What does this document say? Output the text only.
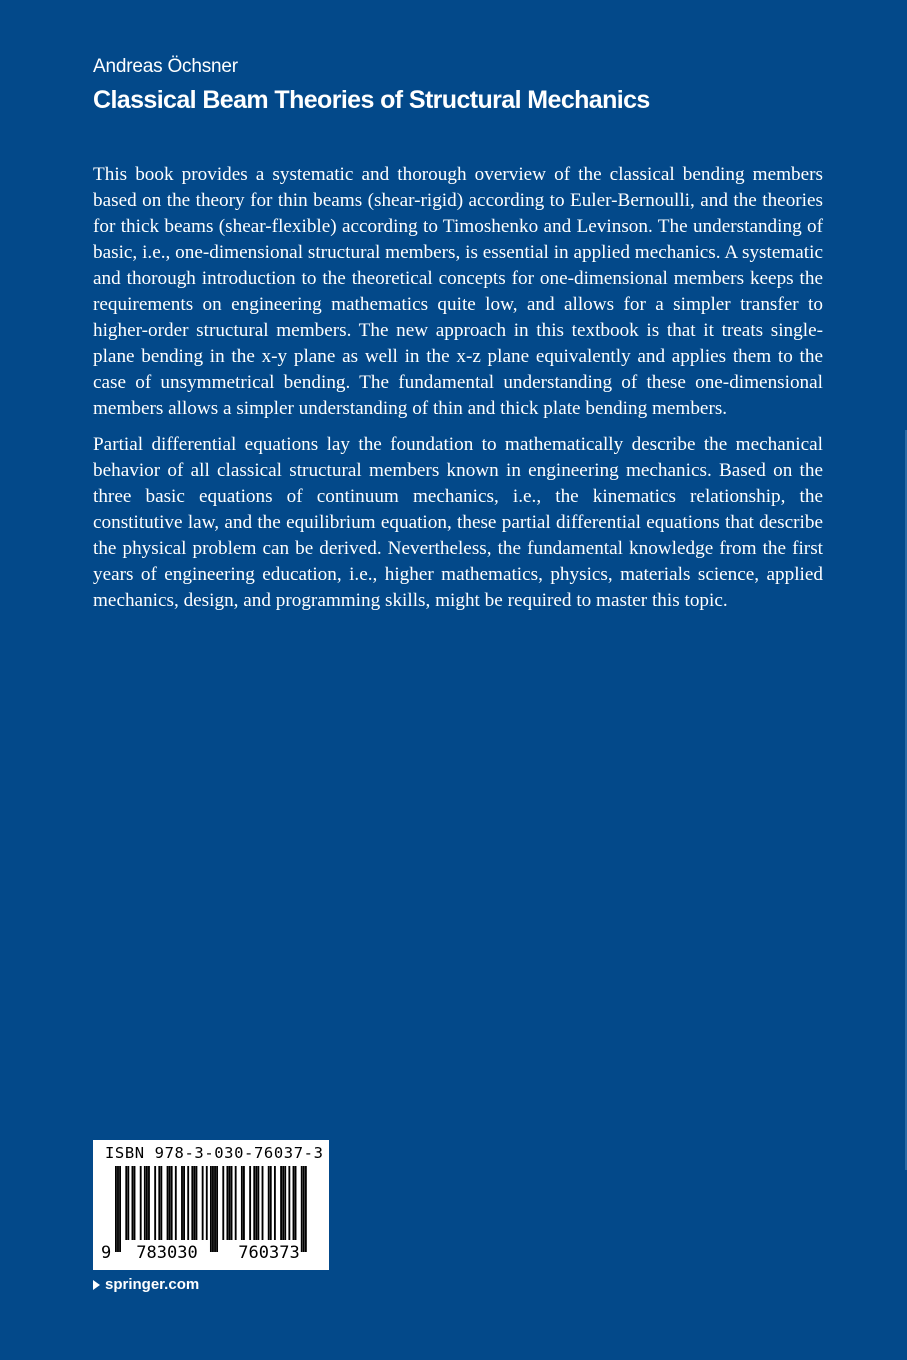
Andreas Öchsner
Classical Beam Theories of Structural Mechanics

This book provides a systematic and thorough overview of the classical bending members based on the theory for thin beams (shear-rigid) according to Euler-Bernoulli, and the theories for thick beams (shear-flexible) according to Timoshenko and Levinson. The understanding of basic, i.e., one-dimensional structural members, is essential in applied mechanics. A systematic and thorough introduction to the theoretical concepts for one-dimensional members keeps the requirements on engineering mathematics quite low, and allows for a simpler transfer to higher-order structural members. The new approach in this textbook is that it treats single-plane bending in the x-y plane as well in the x-z plane equivalently and applies them to the case of unsymmetrical bending. The fundamental understanding of these one-dimensional members allows a simpler understanding of thin and thick plate bending members.

Partial differential equations lay the foundation to mathematically describe the mechanical behavior of all classical structural members known in engineering mechanics. Based on the three basic equations of continuum mechanics, i.e., the kinematics relationship, the constitutive law, and the equilibrium equation, these partial differential equations that describe the physical problem can be derived. Nevertheless, the fundamental knowledge from the first years of engineering education, i.e., higher mathematics, physics, materials science, applied mechanics, design, and programming skills, might be required to master this topic.

ISBN 978-3-030-76037-3
9	783030	760373
springer.com
